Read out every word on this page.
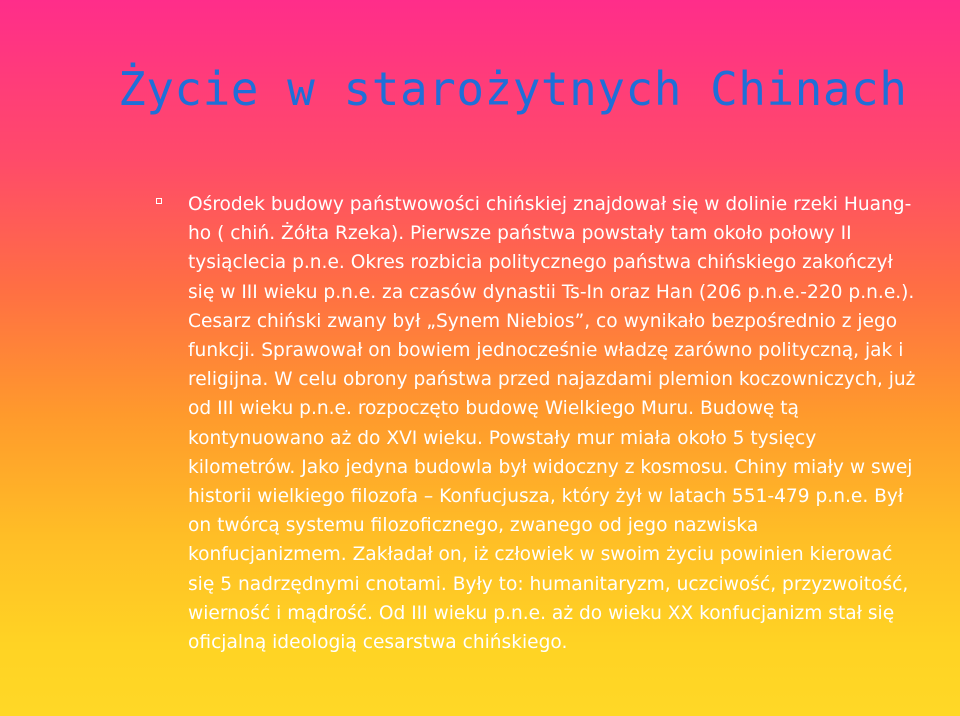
Życie w starożytnych Chinach

Ośrodek budowy państwowości chińskiej znajdował się w dolinie rzeki Huang-ho ( chiń. Żółta Rzeka). Pierwsze państwa powstały tam około połowy II tysiąclecia p.n.e. Okres rozbicia politycznego państwa chińskiego zakończył się w III wieku p.n.e. za czasów dynastii Ts-In oraz Han (206 p.n.e.-220 p.n.e.). Cesarz chiński zwany był „Synem Niebios”, co wynikało bezpośrednio z jego funkcji. Sprawował on bowiem jednocześnie władzę zarówno polityczną, jak i religijna. W celu obrony państwa przed najazdami plemion koczowniczych, już od III wieku p.n.e. rozpoczęto budowę Wielkiego Muru. Budowę tą kontynuowano aż do XVI wieku. Powstały mur miała około 5 tysięcy kilometrów. Jako jedyna budowla był widoczny z kosmosu. Chiny miały w swej historii wielkiego filozofa – Konfucjusza, który żył w latach 551-479 p.n.e. Był on twórcą systemu filozoficznego, zwanego od jego nazwiska konfucjanizmem. Zakładał on, iż człowiek w swoim życiu powinien kierować się 5 nadrzędnymi cnotami. Były to: humanitaryzm, uczciwość, przyzwoitość, wierność i mądrość. Od III wieku p.n.e. aż do wieku XX konfucjanizm stał się oficjalną ideologią cesarstwa chińskiego.
